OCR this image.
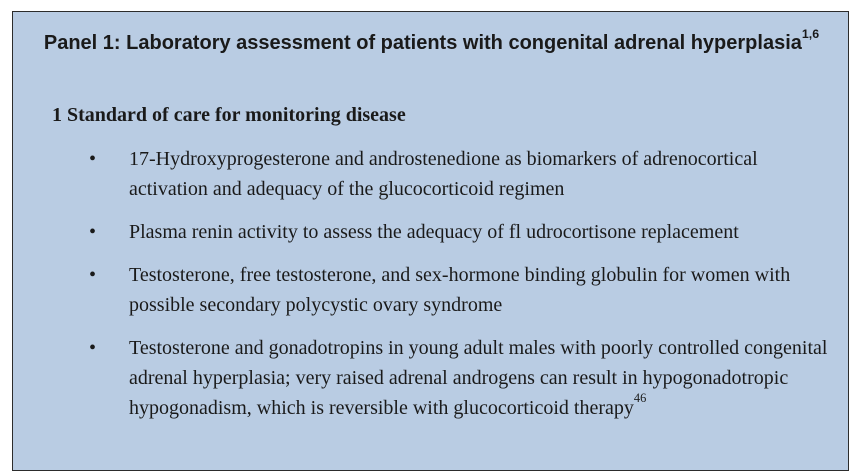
Panel 1: Laboratory assessment of patients with congenital adrenal hyperplasia$^{1,6}$
1 Standard of care for monitoring disease
• 17-Hydroxyprogesterone and androstenedione as biomarkers of adrenocortical activation and adequacy of the glucocorticoid regimen
• Plasma renin activity to assess the adequacy of fl udrocortisone replacement
• Testosterone, free testosterone, and sex-hormone binding globulin for women with possible secondary polycystic ovary syndrome
• Testosterone and gonadotropins in young adult males with poorly controlled congenital adrenal hyperplasia; very raised adrenal androgens can result in hypogonadotropic hypogonadism, which is reversible with glucocorticoid therapy$^{46}$
